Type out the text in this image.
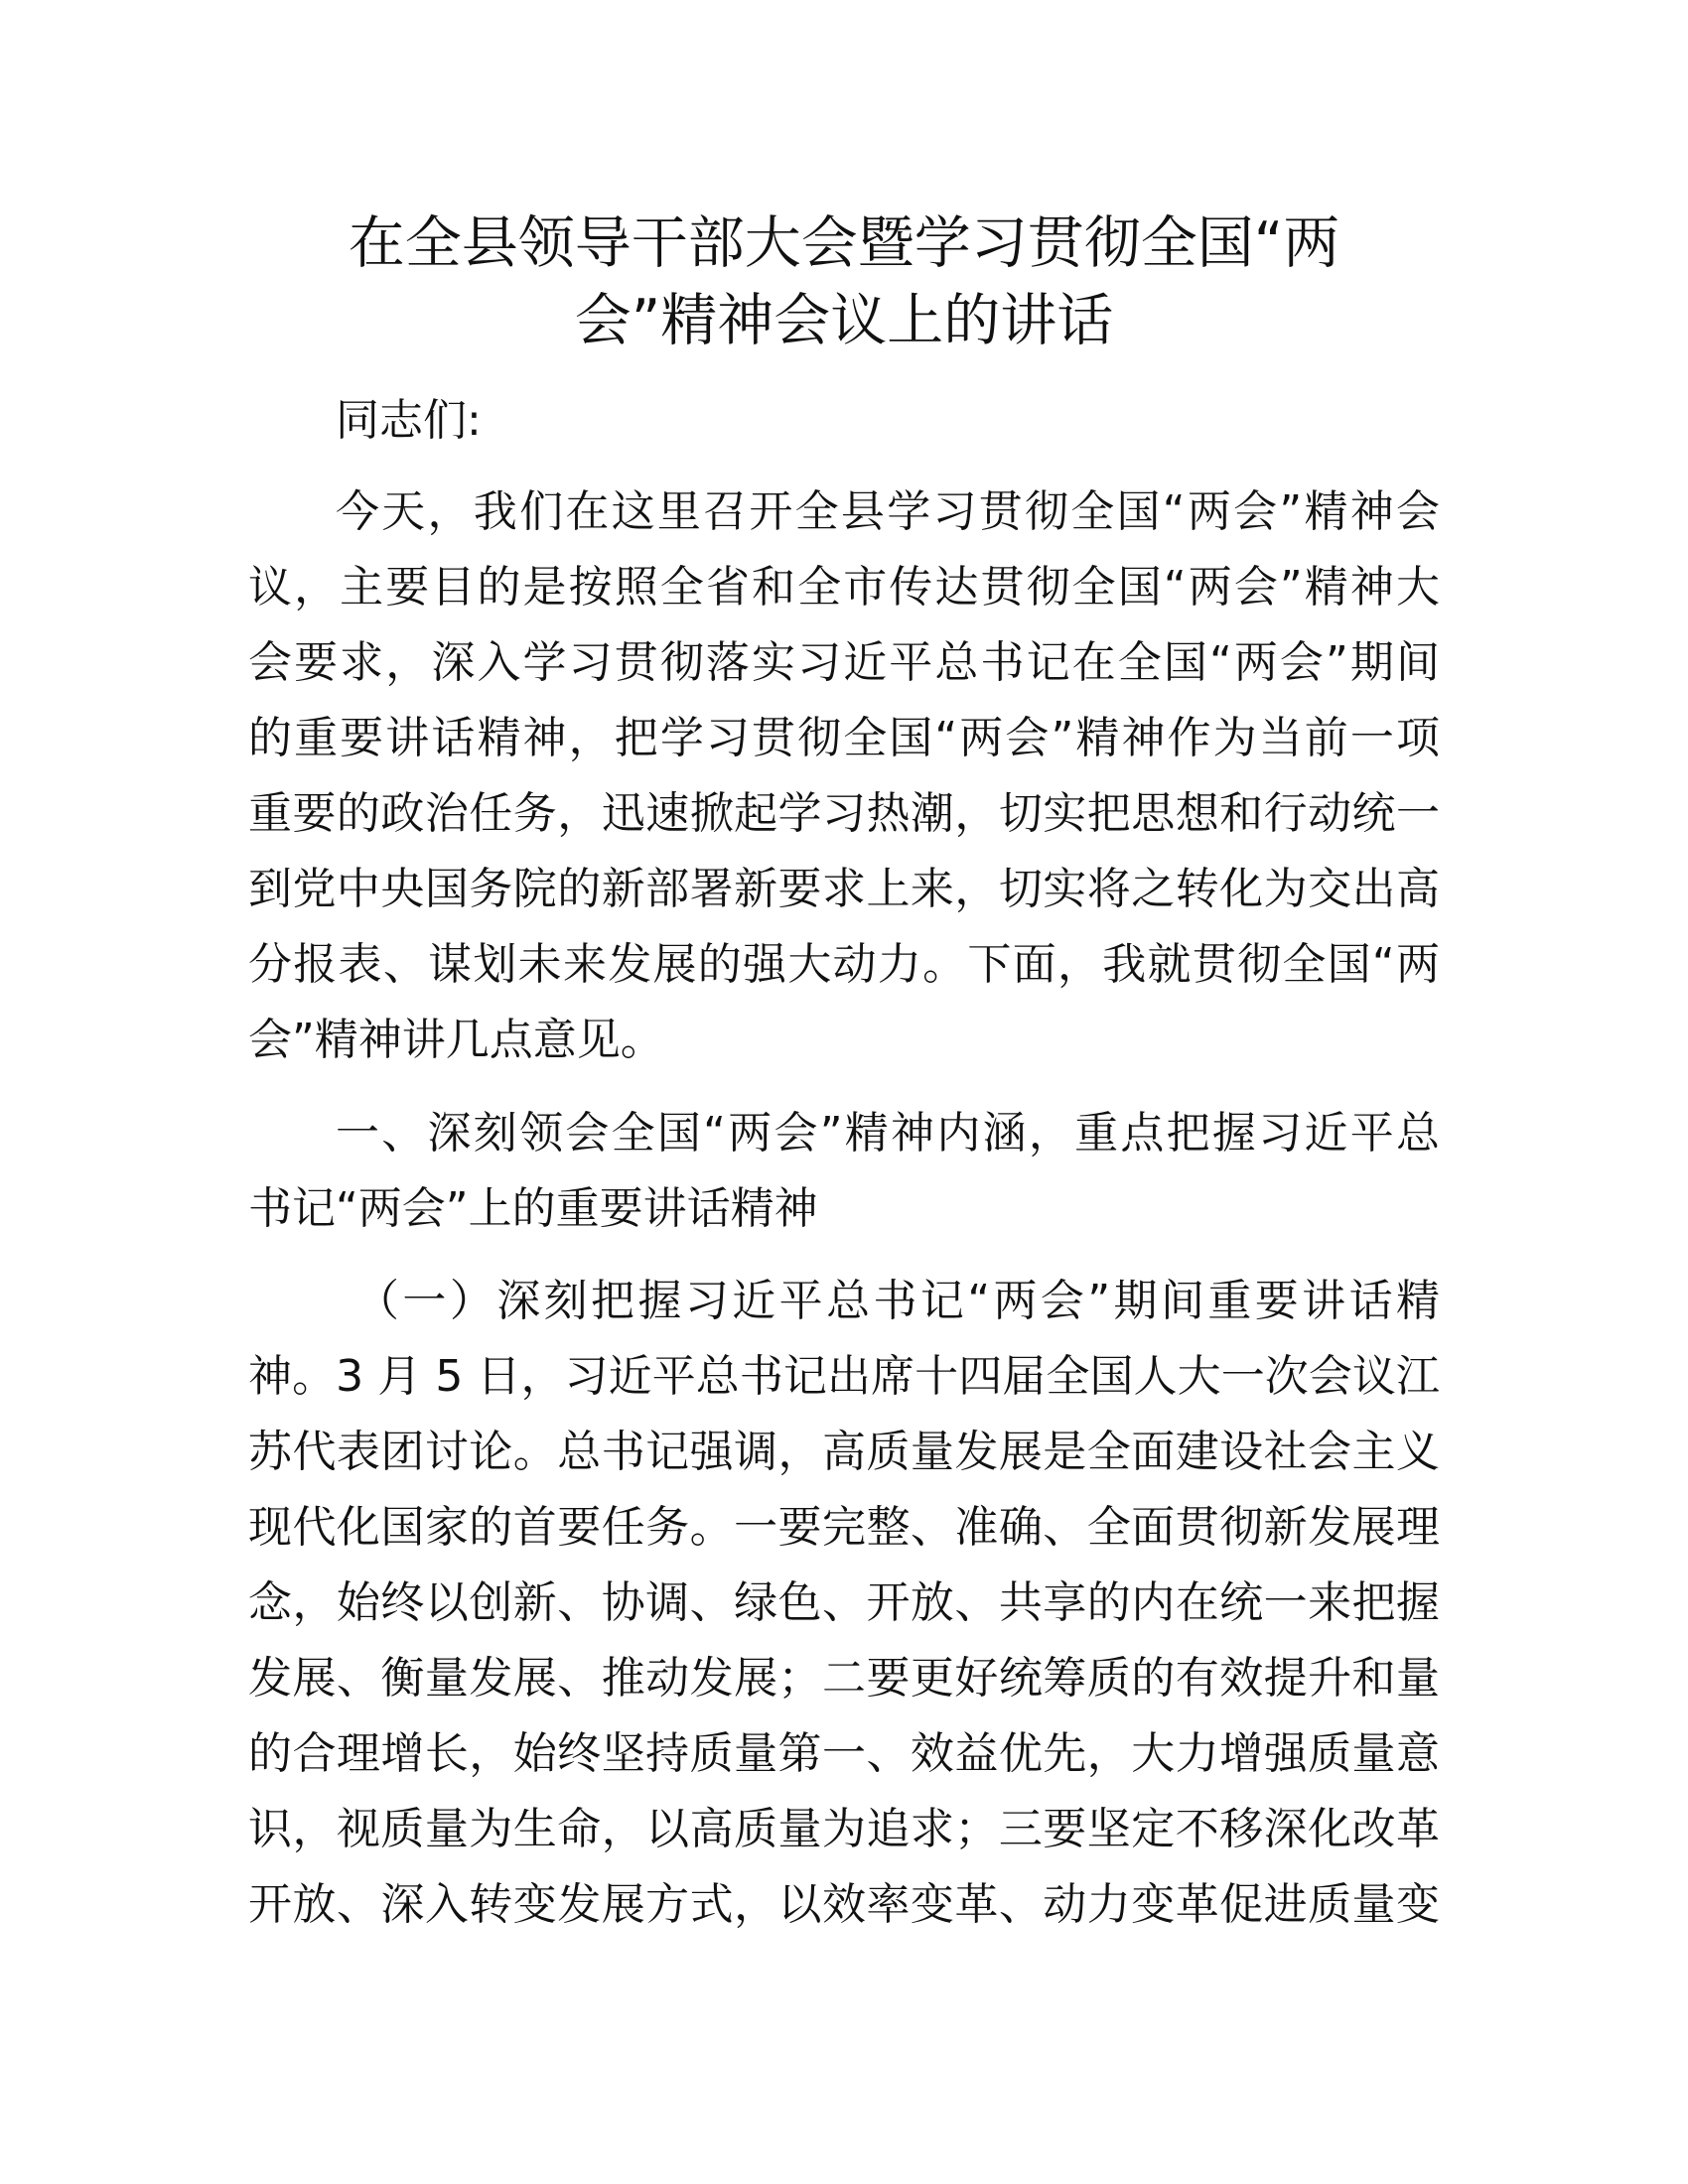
在全县领导干部大会暨学习贯彻全国“两
会”精神会议上的讲话

同志们:

今天，我们在这里召开全县学习贯彻全国“两会”精神会

议，主要目的是按照全省和全市传达贯彻全国“两会”精神大

会要求，深入学习贯彻落实习近平总书记在全国“两会”期间

的重要讲话精神，把学习贯彻全国“两会”精神作为当前一项

重要的政治任务，迅速掀起学习热潮，切实把思想和行动统一

到党中央国务院的新部署新要求上来，切实将之转化为交出高

分报表、谋划未来发展的强大动力。下面，我就贯彻全国“两

会”精神讲几点意见。

一、深刻领会全国“两会”精神内涵，重点把握习近平总

书记“两会”上的重要讲话精神

（一）深刻把握习近平总书记“两会”期间重要讲话精

神。3 月 5 日，习近平总书记出席十四届全国人大一次会议江

苏代表团讨论。总书记强调，高质量发展是全面建设社会主义

现代化国家的首要任务。一要完整、准确、全面贯彻新发展理

念，始终以创新、协调、绿色、开放、共享的内在统一来把握

发展、衡量发展、推动发展；二要更好统筹质的有效提升和量

的合理增长，始终坚持质量第一、效益优先，大力增强质量意

识，视质量为生命，以高质量为追求；三要坚定不移深化改革

开放、深入转变发展方式，以效率变革、动力变革促进质量变
